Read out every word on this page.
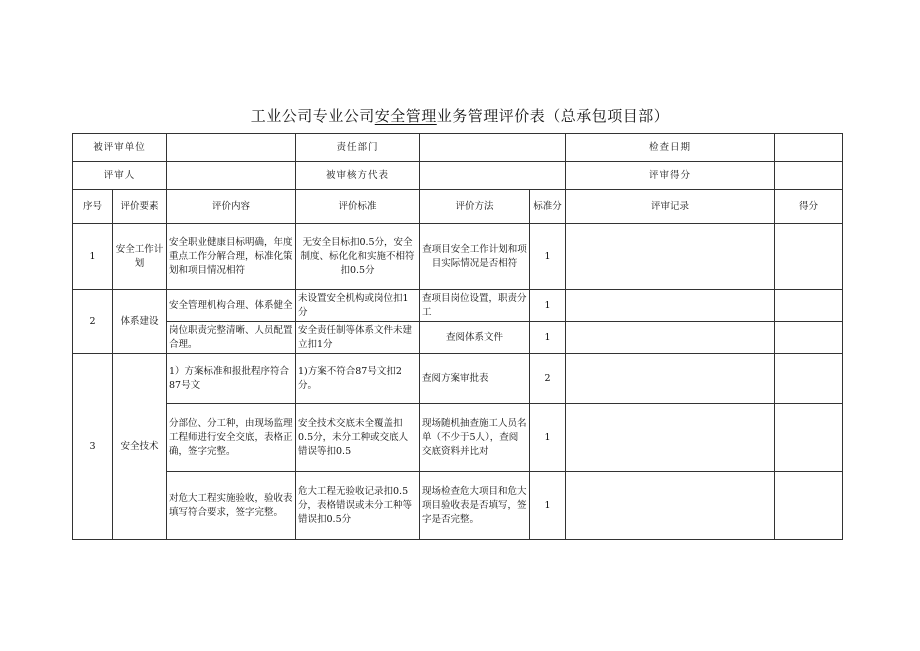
工业公司专业公司安全管理业务管理评价表（总承包项目部）
被评审单位			责任部门			检查日期	
评审人			被审核方代表			评审得分	
序号	评价要素	评价内容	评价标准	评价方法	标准分	评审记录	得分
1	安全工作计划	安全职业健康目标明确，年度重点工作分解合理，标准化策划和项目情况相符	无安全目标扣0.5分，安全制度、标化化和实施不相符扣0.5分	查项目安全工作计划和项目实际情况是否相符	1		
2	体系建设	安全管理机构合理、体系健全	未设置安全机构或岗位扣1分	查项目岗位设置，职责分工	1		
		岗位职责完整清晰、人员配置合理。	安全责任制等体系文件未建立扣1分	查阅体系文件	1		
3	安全技术	1）方案标准和报批程序符合87号文	1)方案不符合87号文扣2分。	查阅方案审批表	2		
		分部位、分工种，由现场监理工程师进行安全交底，表格正确，签字完整。	安全技术交底未全覆盖扣0.5分，未分工种或交底人错误等扣0.5	现场随机抽查施工人员名单（不少于5人），查阅交底资料并比对	1		
		对危大工程实施验收，验收表填写符合要求，签字完整。	危大工程无验收记录扣0.5分，表格错误或未分工种等错误扣0.5分	现场检查危大项目和危大项目验收表是否填写，签字是否完整。	1		
